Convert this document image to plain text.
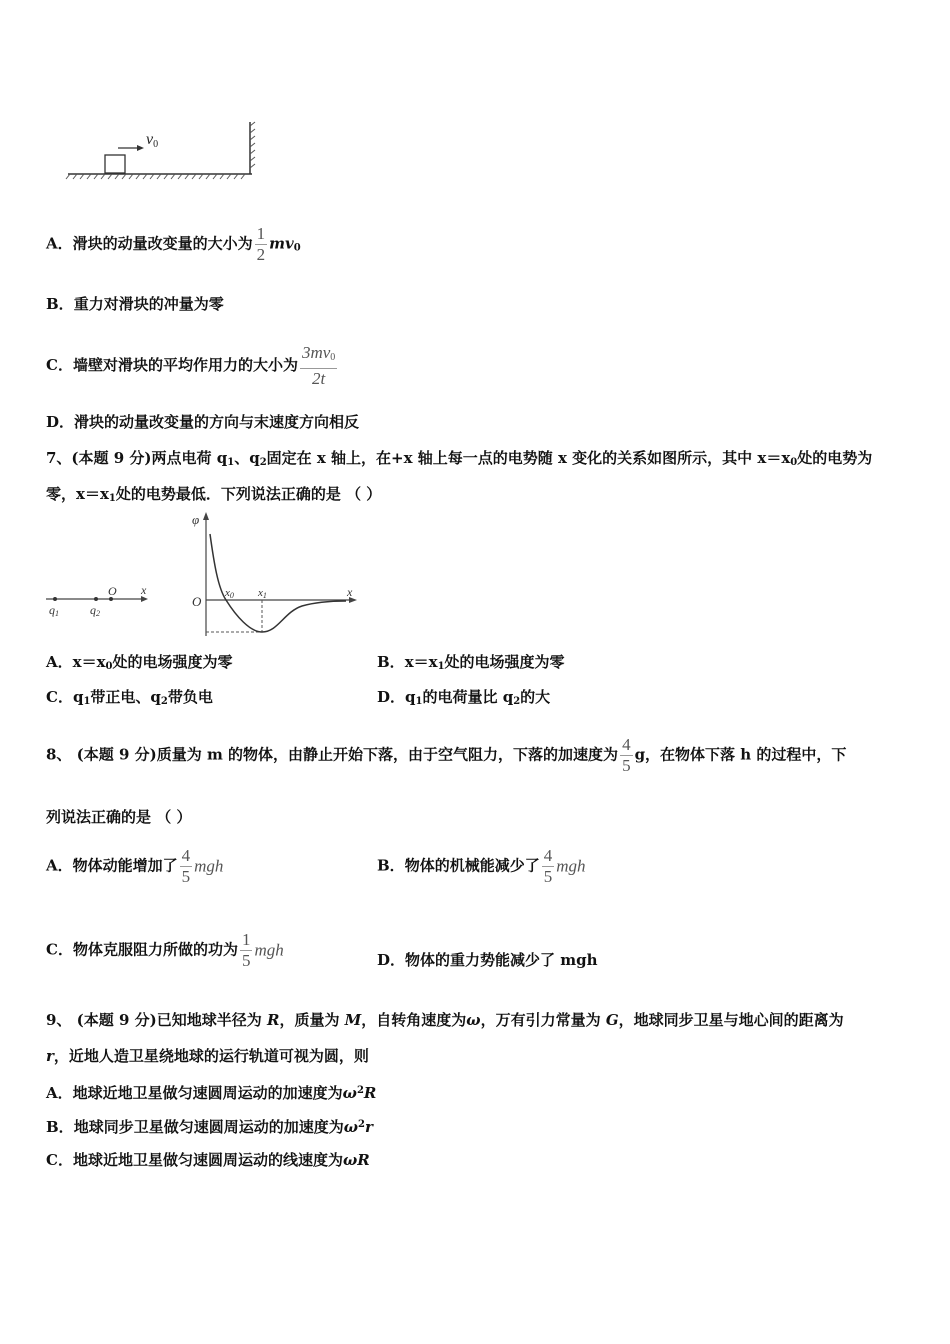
v0
A．滑块的动量改变量的大小为 $\frac{1}{2} mv_0$
B．重力对滑块的冲量为零
C．墙壁对滑块的平均作用力的大小为 $\frac{3mv_0}{2t}$
D．滑块的动量改变量的方向与末速度方向相反
7、(本题 9 分)两点电荷 $q_1$、$q_2$固定在 x 轴上，在+x 轴上每一点的电势随 x 变化的关系如图所示，其中 $x=x_0$处的电势为
零，$x=x_1$处的电势最低．下列说法正确的是 （ ）
q1	q2
O x
φ
O
x
x0 x1
A．$x=x_0$处的电场强度为零	B．$x=x_1$处的电场强度为零
C．$q_1$带正电、$q_2$带负电	D．$q_1$的电荷量比 $q_2$的大
8、 (本题 9 分)质量为 m 的物体，由静止开始下落，由于空气阻力，下落的加速度为 $\frac{4}{5}$ g，在物体下落 h 的过程中，下
列说法正确的是 （ ）
A．物体动能增加了 $\frac{4}{5}$ mgh	B．物体的机械能减少了 $\frac{4}{5}$ mgh
C．物体克服阻力所做的功为 $\frac{1}{5}$ mgh
D．物体的重力势能减少了 mgh
9、 (本题 9 分)已知地球半径为 R，质量为 M，自转角速度为ω，万有引力常量为 G，地球同步卫星与地心间的距离为
r，近地人造卫星绕地球的运行轨道可视为圆，则
A．地球近地卫星做匀速圆周运动的加速度为$\omega^2R$
B．地球同步卫星做匀速圆周运动的加速度为$\omega^2r$
C．地球近地卫星做匀速圆周运动的线速度为ωR
